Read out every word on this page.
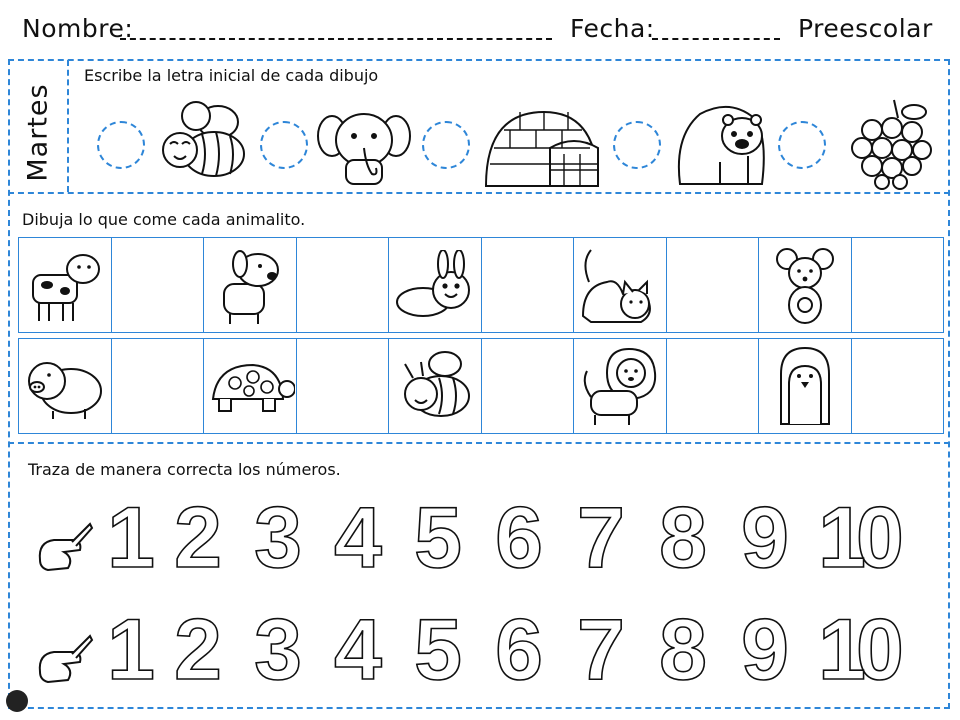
Nombre:	Fecha:	Preescolar
Martes
Escribe la letra inicial de cada dibujo
Dibuja lo que come cada animalito.
Traza de manera correcta los números.
1 2 3 4 5 6 7 8 9 10
1 2 3 4 5 6 7 8 9 10
